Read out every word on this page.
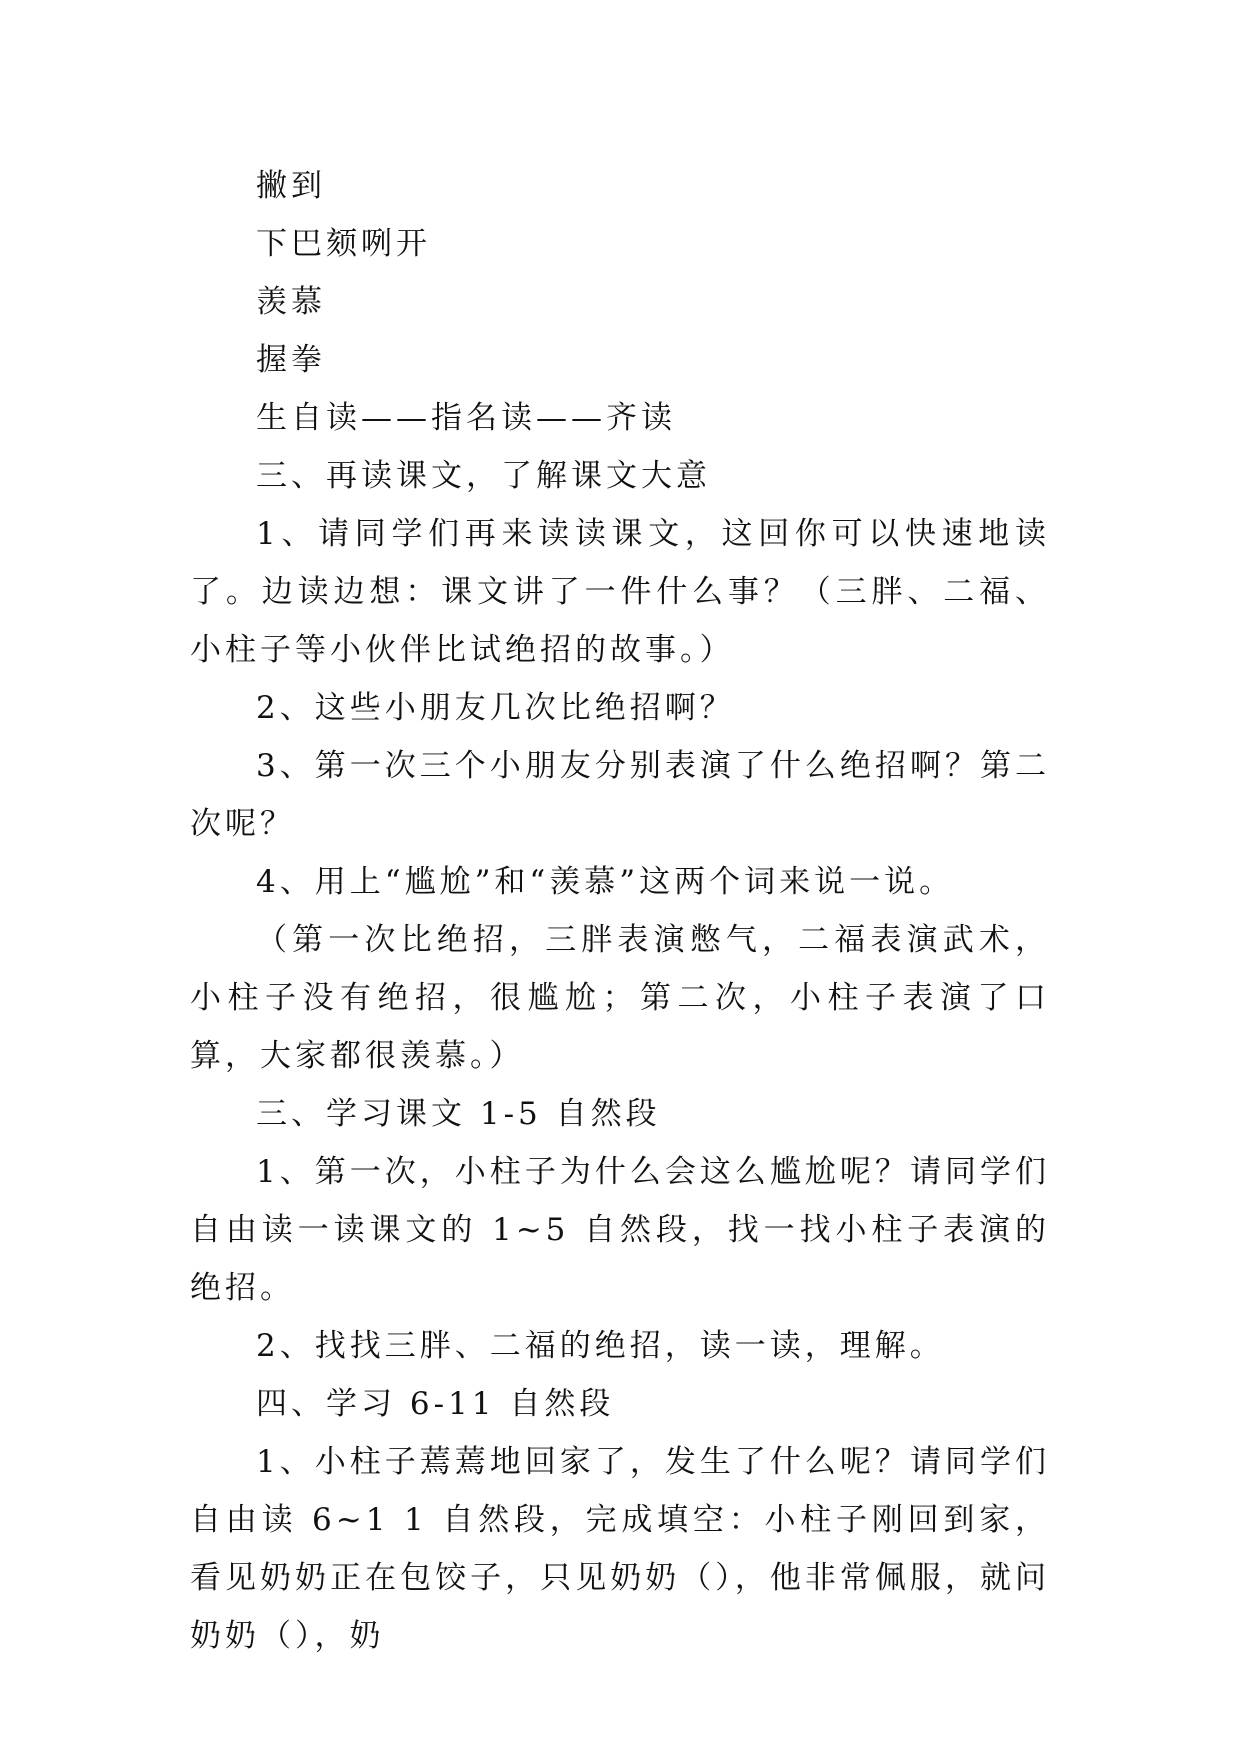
撇到

下巴颏咧开

羡慕

握拳

生自读——指名读——齐读

三、再读课文，了解课文大意

1、请同学们再来读读课文，这回你可以快速地读了。边读边想：课文讲了一件什么事？（三胖、二福、小柱子等小伙伴比试绝招的故事。）

2、这些小朋友几次比绝招啊？

3、第一次三个小朋友分别表演了什么绝招啊？第二次呢？

4、用上“尴尬”和“羡慕”这两个词来说一说。

（第一次比绝招，三胖表演憋气，二福表演武术，小柱子没有绝招，很尴尬；第二次，小柱子表演了口算，大家都很羡慕。）

三、学习课文 1-5 自然段

1、第一次，小柱子为什么会这么尴尬呢？请同学们自由读一读课文的 1~5 自然段，找一找小柱子表演的绝招。

2、找找三胖、二福的绝招，读一读，理解。

四、学习 6-11 自然段

1、小柱子蔫蔫地回家了，发生了什么呢？请同学们自由读 6~1 1 自然段，完成填空：小柱子刚回到家，看见奶奶正在包饺子，只见奶奶（），他非常佩服，就问奶奶（），奶
